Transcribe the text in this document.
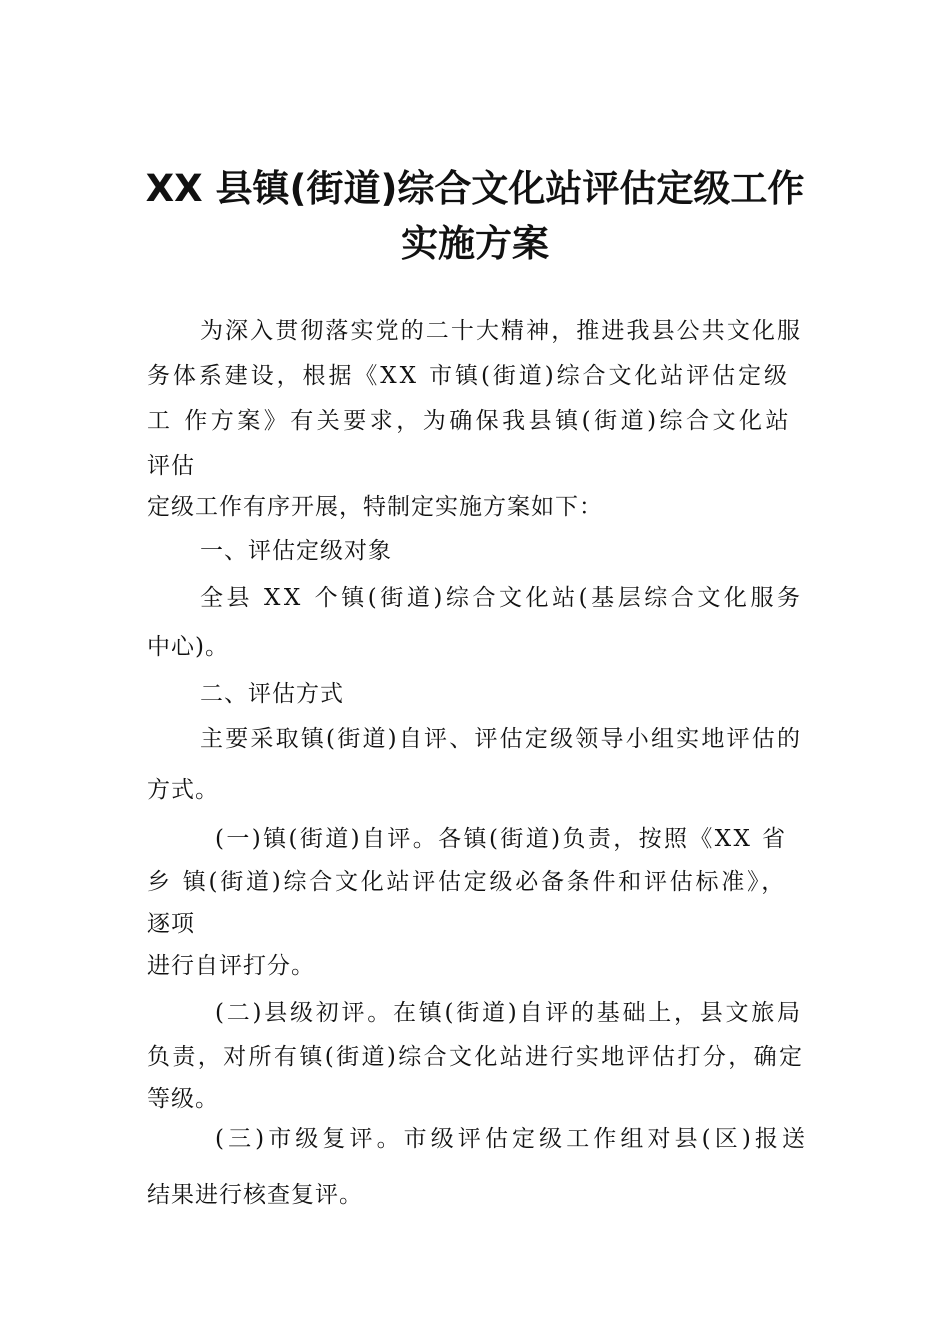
XX 县镇(街道)综合文化站评估定级工作
实施方案
为深入贯彻落实党的二十大精神，推进我县公共文化服
务体系建设，根据《XX 市镇(街道)综合文化站评估定级
工 作方案》有关要求，为确保我县镇(街道)综合文化站
评估
定级工作有序开展，特制定实施方案如下：
一、评估定级对象
全县 XX 个镇(街道)综合文化站(基层综合文化服务
中心)。
二、评估方式
主要采取镇(街道)自评、评估定级领导小组实地评估的
方式。
(一)镇(街道)自评。各镇(街道)负责，按照《XX 省
乡 镇(街道)综合文化站评估定级必备条件和评估标准》，
逐项
进行自评打分。
(二)县级初评。在镇(街道)自评的基础上，县文旅局
负责，对所有镇(街道)综合文化站进行实地评估打分，确定
等级。
(三)市级复评。市级评估定级工作组对县(区)报送
结果进行核查复评。
